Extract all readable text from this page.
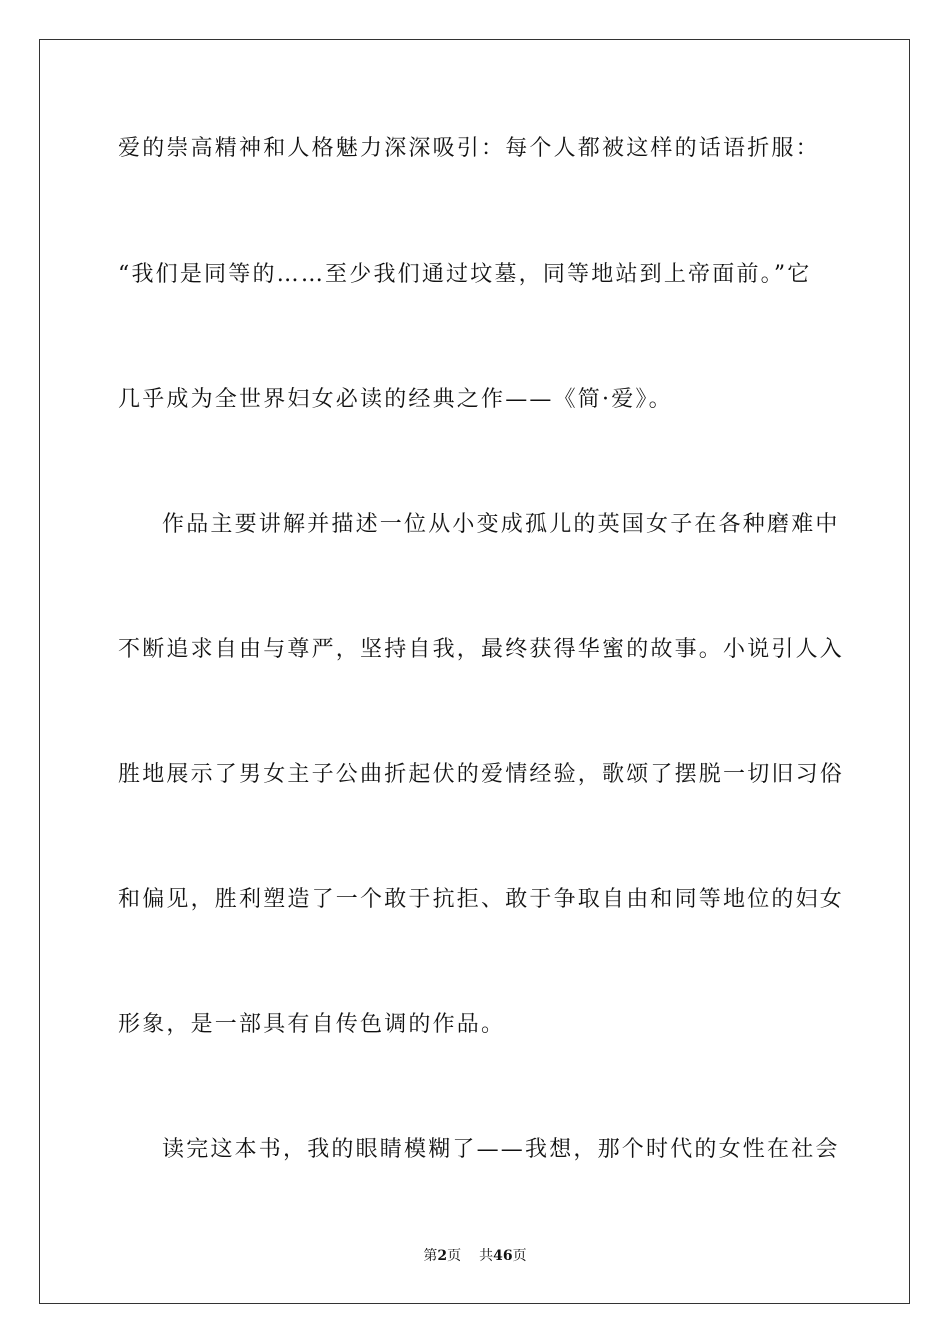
爱的崇高精神和人格魅力深深吸引：每个人都被这样的话语折服：
“我们是同等的……至少我们通过坟墓，同等地站到上帝面前。”它
几乎成为全世界妇女必读的经典之作——《简·爱》。
作品主要讲解并描述一位从小变成孤儿的英国女子在各种磨难中
不断追求自由与尊严，坚持自我，最终获得华蜜的故事。小说引人入
胜地展示了男女主子公曲折起伏的爱情经验，歌颂了摆脱一切旧习俗
和偏见，胜利塑造了一个敢于抗拒、敢于争取自由和同等地位的妇女
形象，是一部具有自传色调的作品。
读完这本书，我的眼睛模糊了——我想，那个时代的女性在社会
第2页 共46页
